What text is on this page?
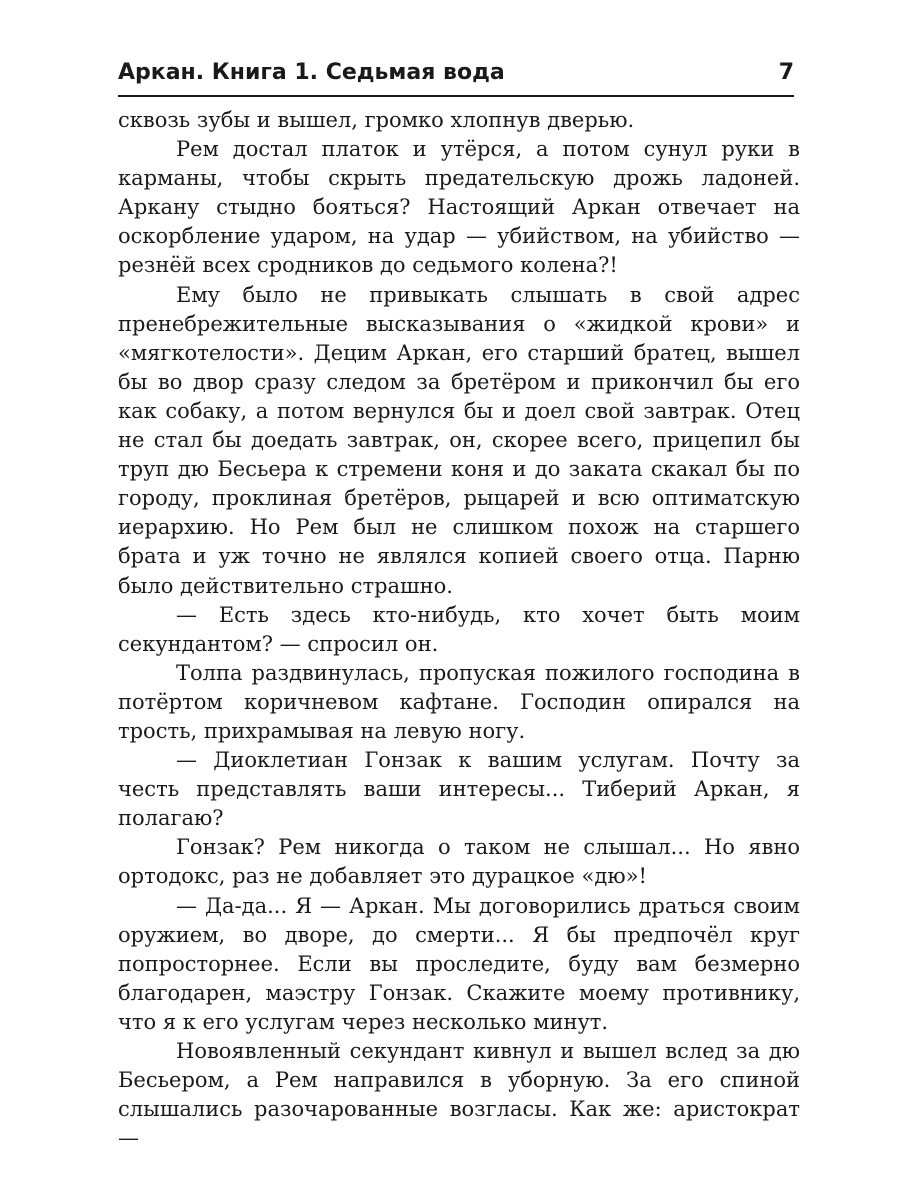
Аркан. Книга 1. Седьмая вода	7

сквозь зубы и вышел, громко хлопнув дверью.

Рем достал платок и утёрся, а потом сунул руки в карманы, чтобы скрыть предательскую дрожь ладоней. Аркану стыдно бояться? Настоящий Аркан отвечает на оскорбление ударом, на удар — убийством, на убийство — резнёй всех сродников до седьмого колена?!

Ему было не привыкать слышать в свой адрес пренебрежительные высказывания о «жидкой крови» и «мягкотелости». Децим Аркан, его старший братец, вышел бы во двор сразу следом за бретёром и прикончил бы его как собаку, а потом вернулся бы и доел свой завтрак. Отец не стал бы доедать завтрак, он, скорее всего, прицепил бы труп дю Бесьера к стремени коня и до заката скакал бы по городу, проклиная бретёров, рыцарей и всю оптиматскую иерархию. Но Рем был не слишком похож на старшего брата и уж точно не являлся копией своего отца. Парню было действительно страшно.

— Есть здесь кто-нибудь, кто хочет быть моим секундантом? — спросил он.

Толпа раздвинулась, пропуская пожилого господина в потёртом коричневом кафтане. Господин опирался на трость, прихрамывая на левую ногу.

— Диоклетиан Гонзак к вашим услугам. Почту за честь представлять ваши интересы... Тиберий Аркан, я полагаю?

Гонзак? Рем никогда о таком не слышал... Но явно ортодокс, раз не добавляет это дурацкое «дю»!

— Да-да... Я — Аркан. Мы договорились драться своим оружием, во дворе, до смерти... Я бы предпочёл круг попросторнее. Если вы проследите, буду вам безмерно благодарен, маэстру Гонзак. Скажите моему противнику, что я к его услугам через несколько минут.

Новоявленный секундант кивнул и вышел вслед за дю Бесьером, а Рем направился в уборную. За его спиной слышались разочарованные возгласы. Как же: аристократ —
